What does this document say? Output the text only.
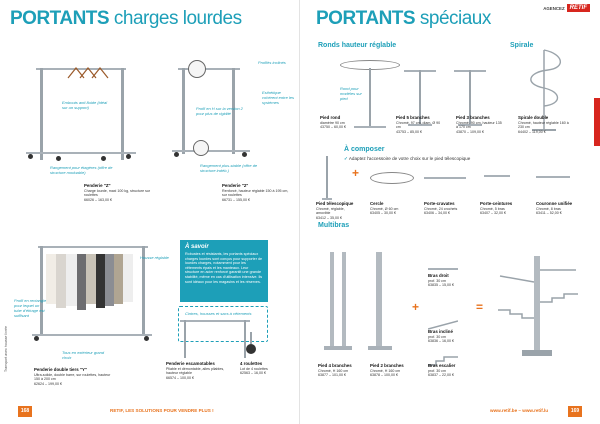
PORTANTS charges lourdes
Embouts anti-fluide (idéal sur un support)
Rangement pour étagères (offre de structure moduable)
Penderie "Z"
Charge lourde, maxi 100 kg, structure sur roulettes
66026 – 163,00 €
Profilés inclinés
Esthétique cohérent entre les systèmes
Profil en H sur la version 2 pour plus de rigidité
Rangement plus-stable (offre de structure indéb.)
Penderie "2"
Renforcé, hauteur réglable 150 à 195 cm, sur roulettes
66731 – 155,00 €
Profil en rectangle pour lequel un tube d'étirage est suffisant
Tous en extérieur grand choix
Housse réglable
Penderie double tiers "Y"
Ultra-solide, double barre, sur roulettes, hauteur 150 à 200 cm
62624 – 199,00 €
À savoir
Robustes et résistants, les portants spéciaux charges lourdes sont conçus pour supporter de lourdes charges, notamment pour les vêtements épais et les manteaux. Leur structure en acier renforcé garantit une grande stabilité, même en cas d'utilisation intensive. Ils sont idéaux pour les magasins et les réserves.
Cintres, housses et sacs à vêtements
Penderie escamotables
Pliable et démontable, ailes pliables, hauteur réglable
66574 – 100,00 €
4 roulettes
Lot de 4 roulettes
62563 – 16,00 €
Transport avec housse livrée
168	RETIF, LES SOLUTIONS POUR VENDRE PLUS !
AGENCEZ RETIF
PORTANTS spéciaux
Ronds hauteur réglable	Spirale
Rond pour modèles sur pied
Pied rond
diamètre 90 cm
43750 – 60,00 €
Pied 5 branches
Chromé, 97 cm, diam. Ø 90 cm
43753 – 85,00 €
Pied 3 branches
Chromé, 90 cm, hauteur 135 à 170 cm
43870 – 109,00 €
Spirale double
Chromé, hauteur réglable 160 à 230 cm
64402 – 119,00 €
À composer
✓Adaptez l'accessoire de votre choix sur le pied télescopique
+
Pied télescopique
Chromé, réglable, amovible
63412 – 35,00 €
Cercle
Chromé, Ø 60 cm
63405 – 30,00 €
Porte-cravates
Chromé, 24 crochets
63406 – 34,00 €
Porte-ceintures
Chromé, 5 bras
63407 – 32,00 €
Couronne unifiée
Chromé, 8 bras
63411 – 52,00 €
Multibras
+	=
Pied 4 branches
Chromé, H 160 cm
63877 – 101,00 €
Pied 2 branches
Chromé, H 160 cm
63878 – 100,00 €
Bras droit
prof. 30 cm
63835 – 15,00 €
Bras incliné
prof. 30 cm
63836 – 16,00 €
Bras escalier
prof. 30 cm
63837 – 22,00 €
www.retif.be – www.retif.lu	169
